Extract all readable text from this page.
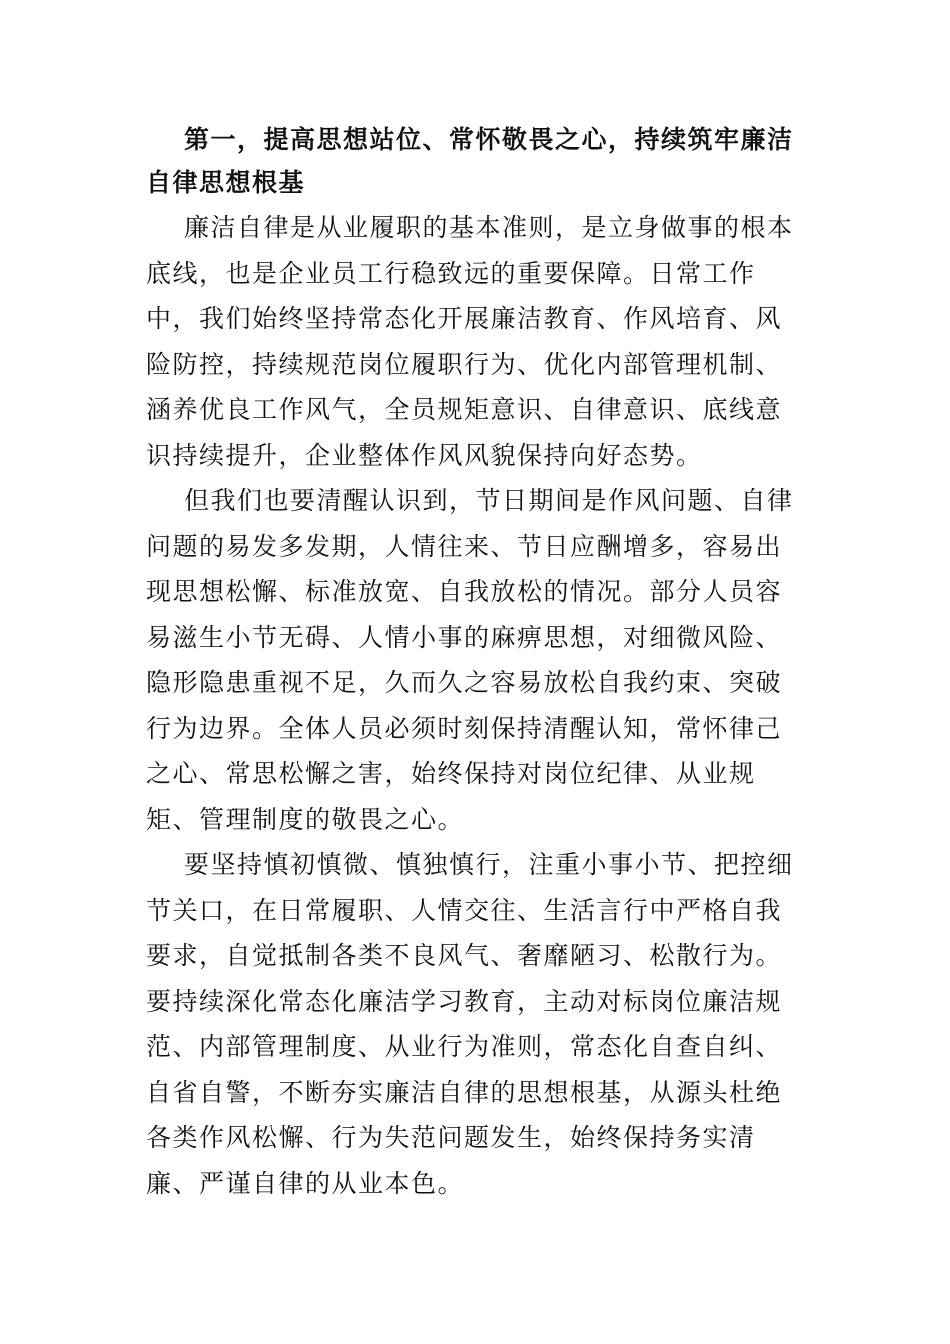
第一，提高思想站位、常怀敬畏之心，持续筑牢廉洁自律思想根基

廉洁自律是从业履职的基本准则，是立身做事的根本底线，也是企业员工行稳致远的重要保障。日常工作中，我们始终坚持常态化开展廉洁教育、作风培育、风险防控，持续规范岗位履职行为、优化内部管理机制、涵养优良工作风气，全员规矩意识、自律意识、底线意识持续提升，企业整体作风风貌保持向好态势。

但我们也要清醒认识到，节日期间是作风问题、自律问题的易发多发期，人情往来、节日应酬增多，容易出现思想松懈、标准放宽、自我放松的情况。部分人员容易滋生小节无碍、人情小事的麻痹思想，对细微风险、隐形隐患重视不足，久而久之容易放松自我约束、突破行为边界。全体人员必须时刻保持清醒认知，常怀律己之心、常思松懈之害，始终保持对岗位纪律、从业规矩、管理制度的敬畏之心。

要坚持慎初慎微、慎独慎行，注重小事小节、把控细节关口，在日常履职、人情交往、生活言行中严格自我要求，自觉抵制各类不良风气、奢靡陋习、松散行为。要持续深化常态化廉洁学习教育，主动对标岗位廉洁规范、内部管理制度、从业行为准则，常态化自查自纠、自省自警，不断夯实廉洁自律的思想根基，从源头杜绝各类作风松懈、行为失范问题发生，始终保持务实清廉、严谨自律的从业本色。
